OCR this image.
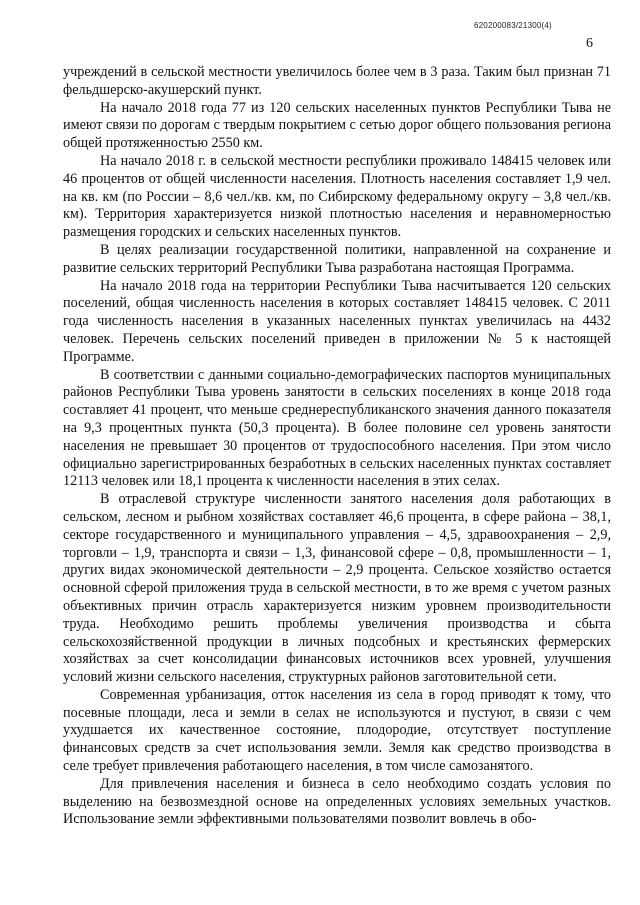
620200083/21300(4)
6

учреждений в сельской местности увеличилось более чем в 3 раза. Таким был признан 71 фельдшерско-акушерский пункт.

На начало 2018 года 77 из 120 сельских населенных пунктов Республики Тыва не имеют связи по дорогам с твердым покрытием с сетью дорог общего пользования региона общей протяженностью 2550 км.

На начало 2018 г. в сельской местности республики проживало 148415 человек или 46 процентов от общей численности населения. Плотность населения составляет 1,9 чел. на кв. км (по России – 8,6 чел./кв. км, по Сибирскому федеральному округу – 3,8 чел./кв. км). Территория характеризуется низкой плотностью населения и неравномерностью размещения городских и сельских населенных пунктов.

В целях реализации государственной политики, направленной на сохранение и развитие сельских территорий Республики Тыва разработана настоящая Программа.

На начало 2018 года на территории Республики Тыва насчитывается 120 сельских поселений, общая численность населения в которых составляет 148415 человек. С 2011 года численность населения в указанных населенных пунктах увеличилась на 4432 человек. Перечень сельских поселений приведен в приложении № 5 к настоящей Программе.

В соответствии с данными социально-демографических паспортов муниципальных районов Республики Тыва уровень занятости в сельских поселениях в конце 2018 года составляет 41 процент, что меньше среднереспубликанского значения данного показателя на 9,3 процентных пункта (50,3 процента). В более половине сел уровень занятости населения не превышает 30 процентов от трудоспособного населения. При этом число официально зарегистрированных безработных в сельских населенных пунктах составляет 12113 человек или 18,1 процента к численности населения в этих селах.

В отраслевой структуре численности занятого населения доля работающих в сельском, лесном и рыбном хозяйствах составляет 46,6 процента, в сфере района – 38,1, секторе государственного и муниципального управления – 4,5, здравоохранения – 2,9, торговли – 1,9, транспорта и связи – 1,3, финансовой сфере – 0,8, промышленности – 1, других видах экономической деятельности – 2,9 процента. Сельское хозяйство остается основной сферой приложения труда в сельской местности, в то же время с учетом разных объективных причин отрасль характеризуется низким уровнем производительности труда. Необходимо решить проблемы увеличения производства и сбыта сельскохозяйственной продукции в личных подсобных и крестьянских фермерских хозяйствах за счет консолидации финансовых источников всех уровней, улучшения условий жизни сельского населения, структурных районов заготовительной сети.

Современная урбанизация, отток населения из села в город приводят к тому, что посевные площади, леса и земли в селах не используются и пустуют, в связи с чем ухудшается их качественное состояние, плодородие, отсутствует поступление финансовых средств за счет использования земли. Земля как средство производства в селе требует привлечения работающего населения, в том числе самозанятого.

Для привлечения населения и бизнеса в село необходимо создать условия по выделению на безвозмездной основе на определенных условиях земельных участков. Использование земли эффективными пользователями позволит вовлечь в обо-
